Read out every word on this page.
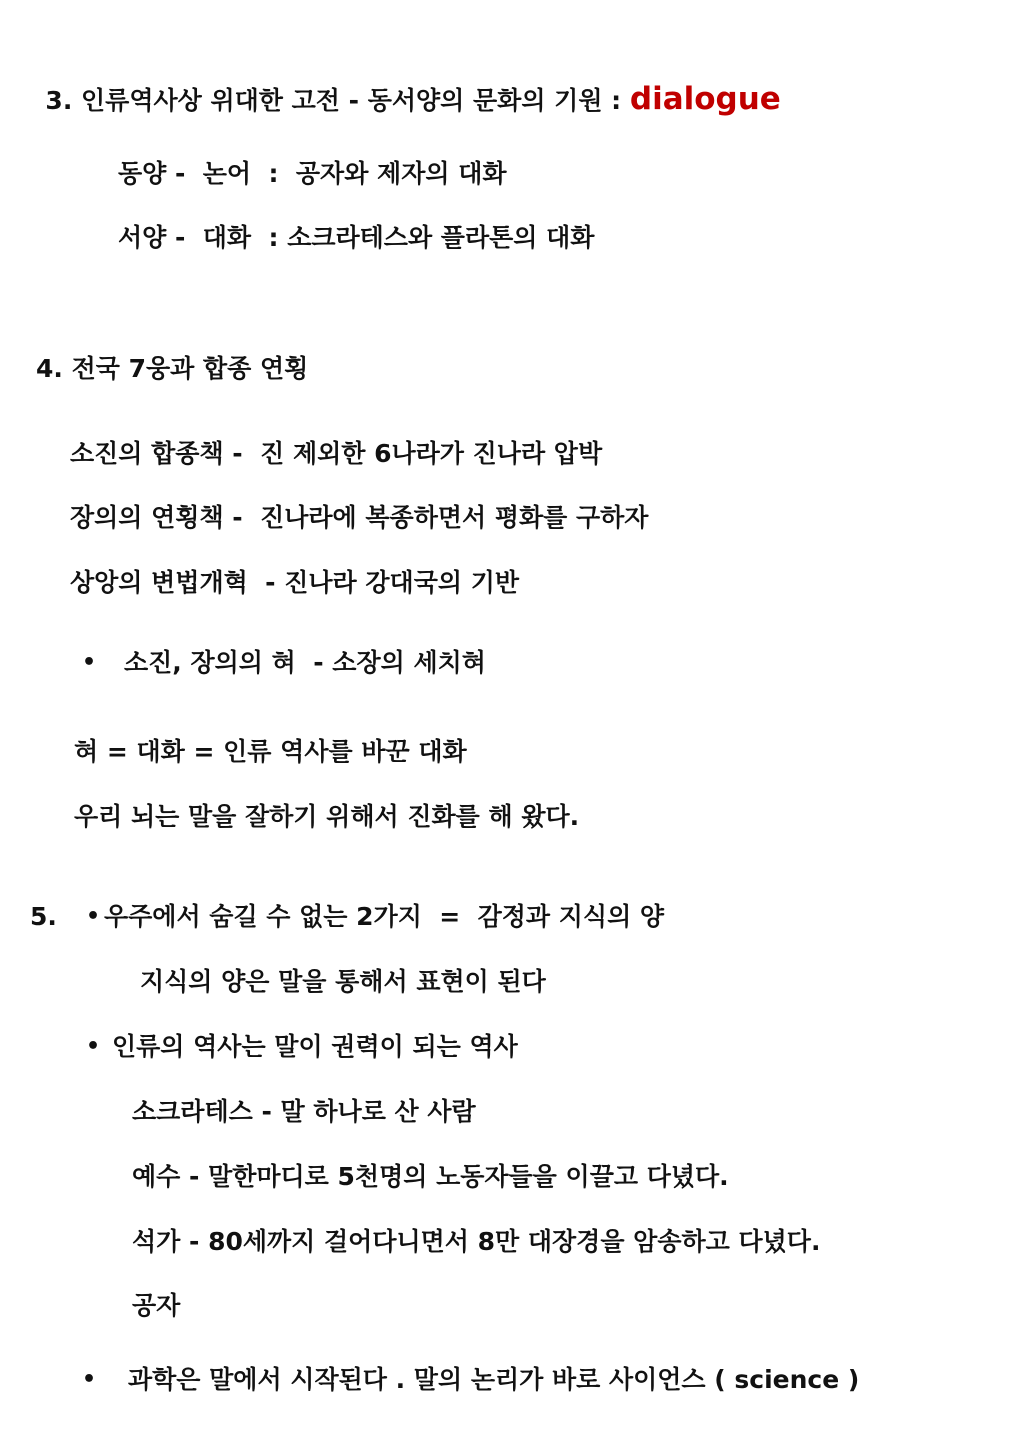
3. 인류역사상 위대한 고전 - 동서양의 문화의 기원 : dialogue

동양 -  논어  :  공자와 제자의 대화
서양 -  대화  : 소크라테스와 플라톤의 대화
4. 전국 7웅과 합종 연횡
소진의 합종책 -  진 제외한 6나라가 진나라 압박
장의의 연횡책 -  진나라에 복종하면서 평화를 구하자
상앙의 변법개혁  - 진나라 강대국의 기반
• 소진, 장의의 혀  - 소장의 세치혀
혀 = 대화 = 인류 역사를 바꾼 대화
우리 뇌는 말을 잘하기 위해서 진화를 해 왔다.
5. • 우주에서 숨길 수 없는 2가지  =  감정과 지식의 양
지식의 양은 말을 통해서 표현이 된다
• 인류의 역사는 말이 권력이 되는 역사
소크라테스 - 말 하나로 산 사람
예수 - 말한마디로 5천명의 노동자들을 이끌고 다녔다.
석가 - 80세까지 걸어다니면서 8만 대장경을 암송하고 다녔다.
공자
• 과학은 말에서 시작된다 . 말의 논리가 바로 사이언스 ( science )
